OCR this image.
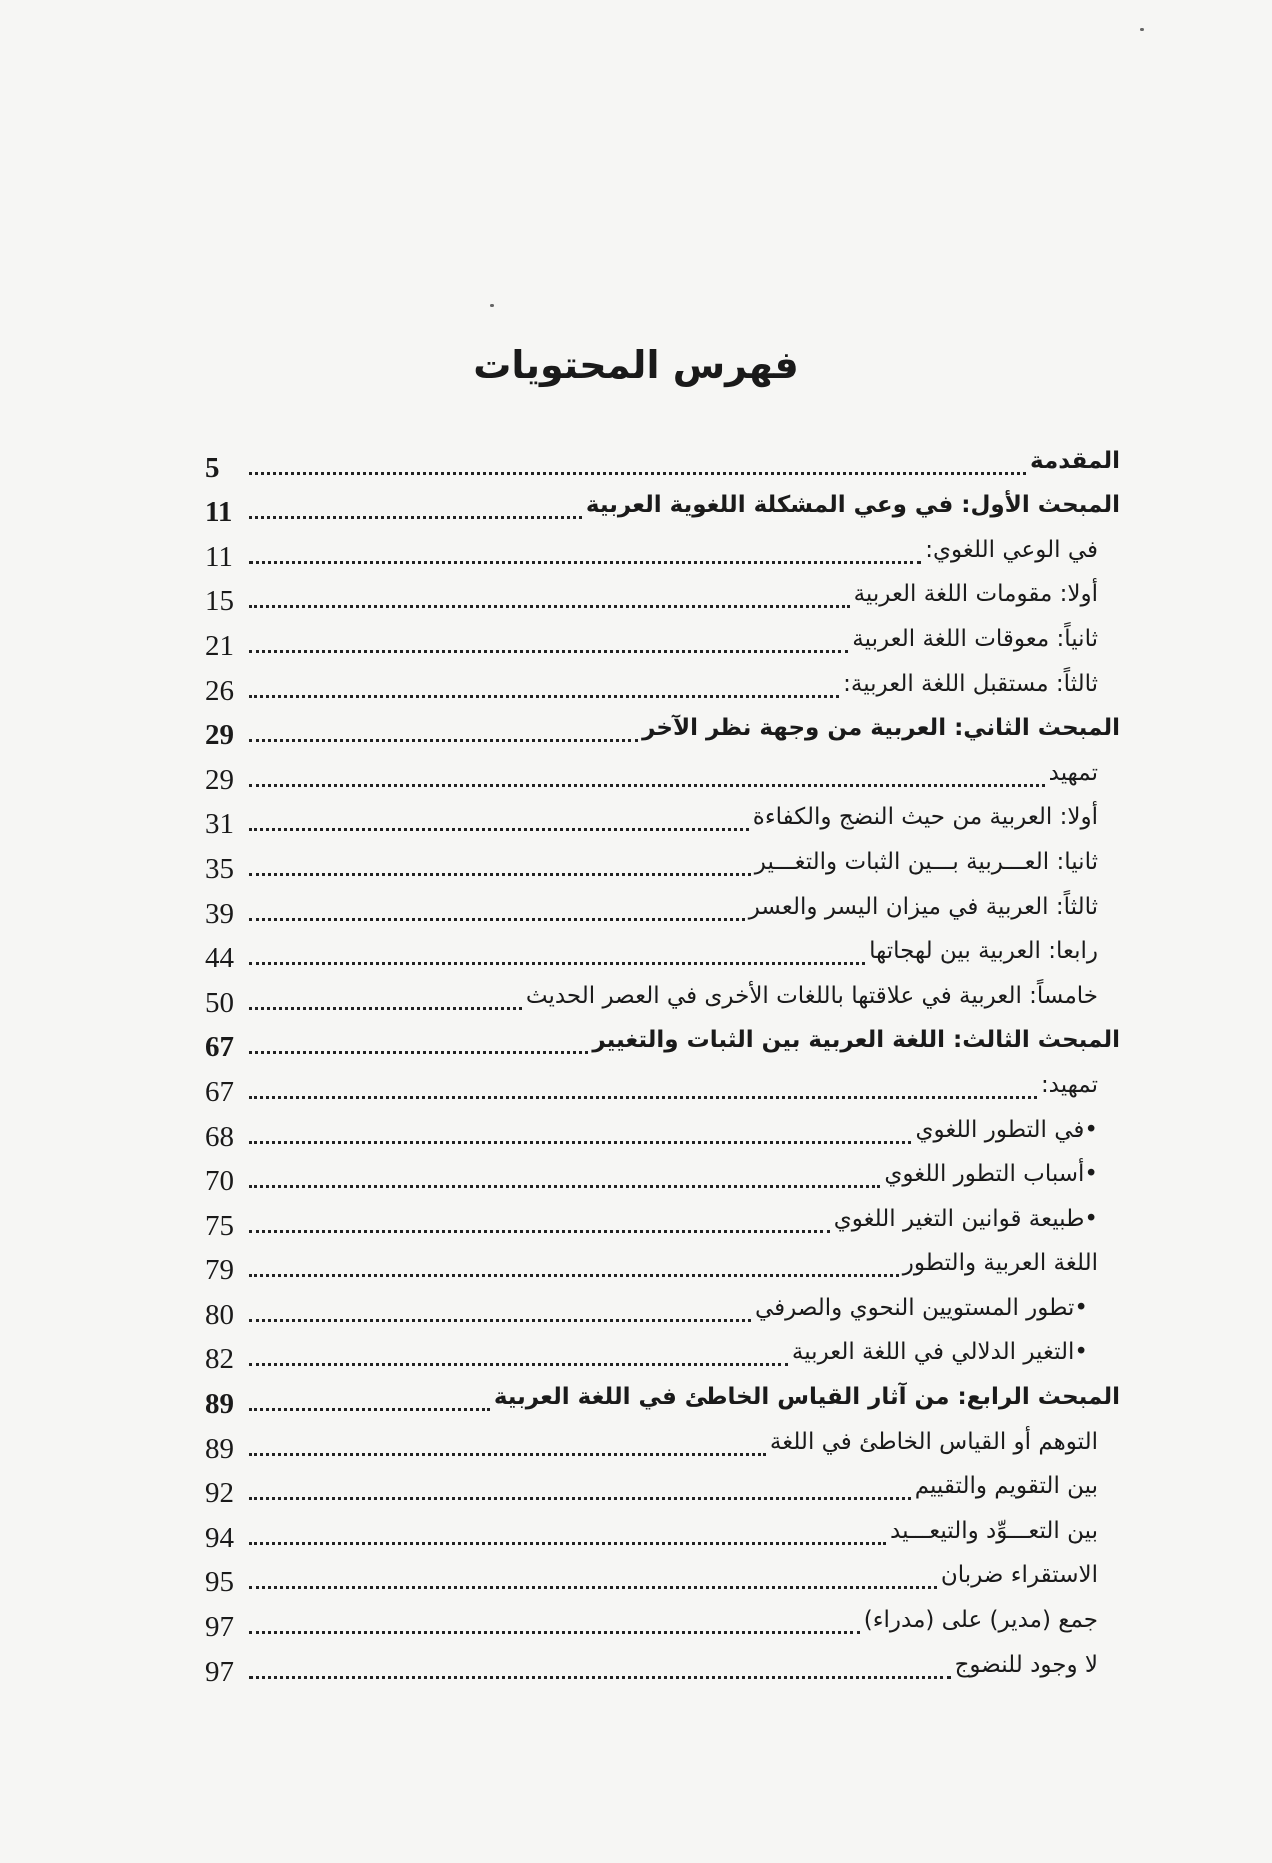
فهرس المحتويات
المقدمة
5
المبحث الأول: في وعي المشكلة اللغوية العربية
11
في الوعي اللغوي:
11
أولا: مقومات اللغة العربية
15
ثانياً: معوقات اللغة العربية
21
ثالثاً: مستقبل اللغة العربية:
26
المبحث الثاني: العربية من وجهة نظر الآخر
29
تمهيد
29
أولا: العربية من حيث النضج والكفاءة
31
ثانيا: العـــربية بـــين الثبات والتغـــير
35
ثالثاً: العربية في ميزان اليسر والعسر
39
رابعا: العربية بين لهجاتها
44
خامساً: العربية في علاقتها باللغات الأخرى في العصر الحديث
50
المبحث الثالث: اللغة العربية بين الثبات والتغيير
67
تمهيد:
67
•في التطور اللغوي
68
•أسباب التطور اللغوي
70
•طبيعة قوانين التغير اللغوي
75
اللغة العربية والتطور
79
•تطور المستويين النحوي والصرفي
80
•التغير الدلالي في اللغة العربية
82
المبحث الرابع: من آثار القياس الخاطئ في اللغة العربية
89
التوهم أو القياس الخاطئ في اللغة
89
بين التقويم والتقييم
92
بين التعـــوِّد والتيعـــيد
94
الاستقراء ضربان
95
جمع (مدير) على (مدراء)
97
لا وجود للنضوج
97
